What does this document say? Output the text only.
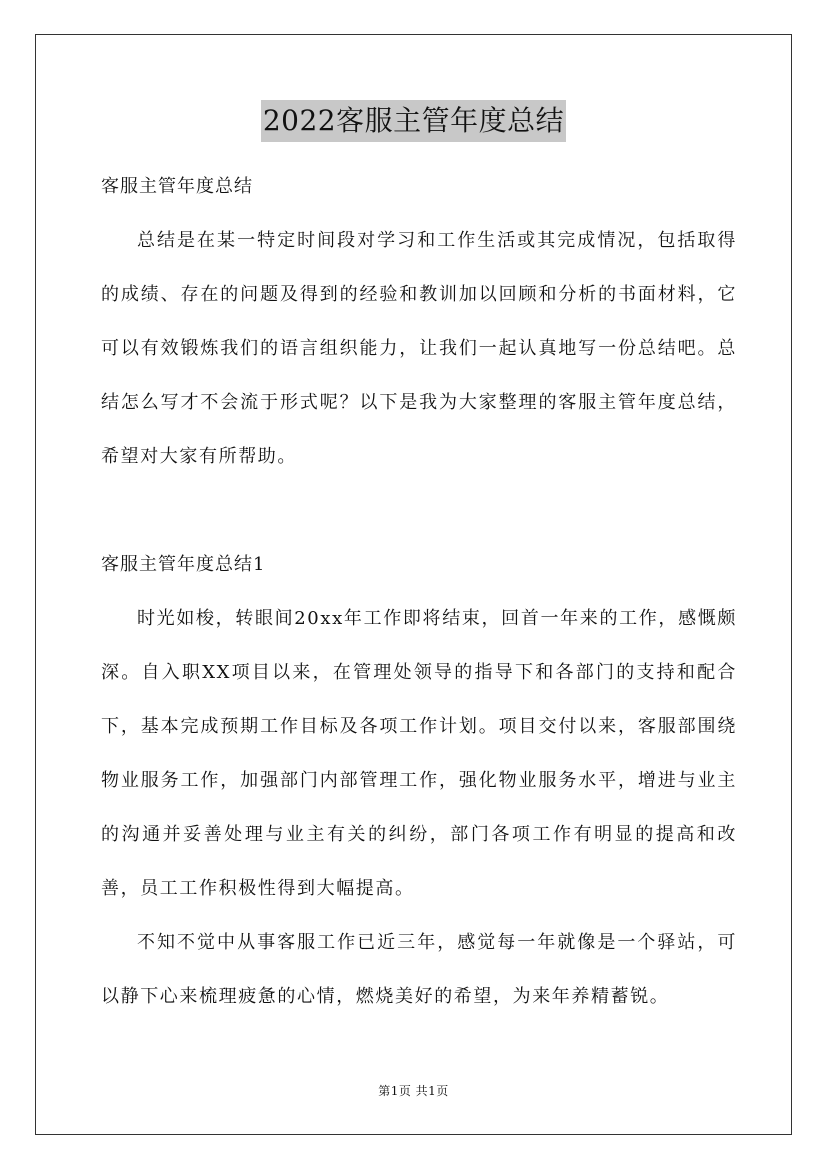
2022客服主管年度总结

客服主管年度总结

总结是在某一特定时间段对学习和工作生活或其完成情况，包括取得的成绩、存在的问题及得到的经验和教训加以回顾和分析的书面材料，它可以有效锻炼我们的语言组织能力，让我们一起认真地写一份总结吧。总结怎么写才不会流于形式呢？以下是我为大家整理的客服主管年度总结，希望对大家有所帮助。

客服主管年度总结1

时光如梭，转眼间20xx年工作即将结束，回首一年来的工作，感慨颇深。自入职XX项目以来，在管理处领导的指导下和各部门的支持和配合下，基本完成预期工作目标及各项工作计划。项目交付以来，客服部围绕物业服务工作，加强部门内部管理工作，强化物业服务水平，增进与业主的沟通并妥善处理与业主有关的纠纷，部门各项工作有明显的提高和改善，员工工作积极性得到大幅提高。

不知不觉中从事客服工作已近三年，感觉每一年就像是一个驿站，可以静下心来梳理疲惫的心情，燃烧美好的希望，为来年养精蓄锐。

第1页 共1页
